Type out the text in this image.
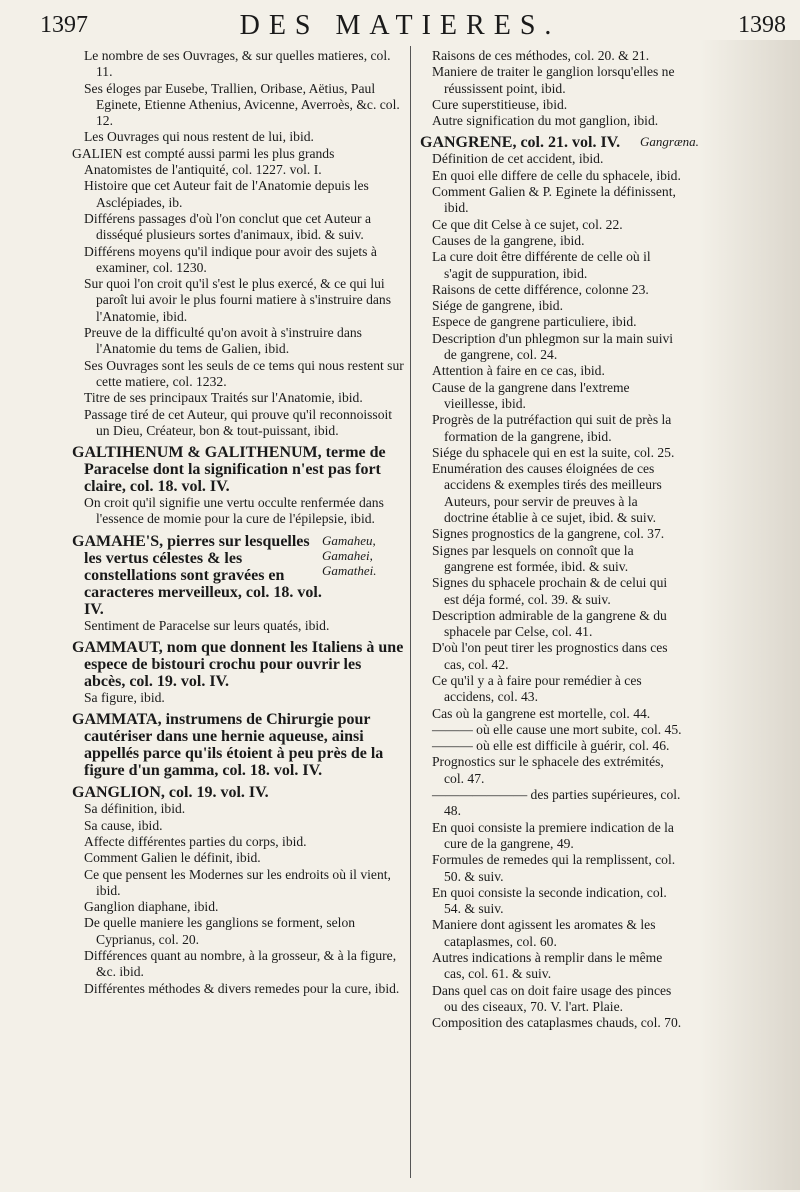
1397	DES MATIERES.	1398

Le nombre de ses Ouvrages, & sur quelles matieres, col. 11.

Ses éloges par Eusebe, Trallien, Oribase, Aëtius, Paul Eginete, Etienne Athenius, Avicenne, Averroès, &c. col. 12.

Les Ouvrages qui nous restent de lui, ibid.

GALIEN est compté aussi parmi les plus grands Anatomistes de l'antiquité, col. 1227. vol. I.

Histoire que cet Auteur fait de l'Anatomie depuis les Asclépiades, ib.

Différens passages d'où l'on conclut que cet Auteur a disséqué plusieurs sortes d'animaux, ibid. & suiv.

Différens moyens qu'il indique pour avoir des sujets à examiner, col. 1230.

Sur quoi l'on croit qu'il s'est le plus exercé, & ce qui lui paroît lui avoir le plus fourni matiere à s'instruire dans l'Anatomie, ibid.

Preuve de la difficulté qu'on avoit à s'instruire dans l'Anatomie du tems de Galien, ibid.

Ses Ouvrages sont les seuls de ce tems qui nous restent sur cette matiere, col. 1232.

Titre de ses principaux Traités sur l'Anatomie, ibid.

Passage tiré de cet Auteur, qui prouve qu'il reconnoissoit un Dieu, Créateur, bon & tout-puissant, ibid.

GALTIHENUM & GALITHENUM, terme de Paracelse dont la signification n'est pas fort claire, col. 18. vol. IV.

On croit qu'il signifie une vertu occulte renfermée dans l'essence de momie pour la cure de l'épilepsie, ibid.

GAMAHE'S, pierres sur lesquelles les vertus célestes & les constellations sont gravées en caracteres merveilleux, col. 18. vol. IV.

Gamaheu, Gamahei, Gamathei.

Sentiment de Paracelse sur leurs quatés, ibid.

GAMMAUT, nom que donnent les Italiens à une espece de bistouri crochu pour ouvrir les abcès, col. 19. vol. IV.

Sa figure, ibid.

GAMMATA, instrumens de Chirurgie pour cautériser dans une hernie aqueuse, ainsi appellés parce qu'ils étoient à peu près de la figure d'un gamma, col. 18. vol. IV.

GANGLION, col. 19. vol. IV.

Sa définition, ibid.

Sa cause, ibid.

Affecte différentes parties du corps, ibid.

Comment Galien le définit, ibid.

Ce que pensent les Modernes sur les endroits où il vient, ibid.

Ganglion diaphane, ibid.

De quelle maniere les ganglions se forment, selon Cyprianus, col. 20.

Différences quant au nombre, à la grosseur, & à la figure, &c. ibid.

Différentes méthodes & divers remedes pour la cure, ibid.

Raisons de ces méthodes, col. 20. & 21.

Maniere de traiter le ganglion lorsqu'elles ne réussissent point, ibid.

Cure superstitieuse, ibid.

Autre signification du mot ganglion, ibid.

GANGRENE, col. 21. vol. IV.	Gangræna.

Définition de cet accident, ibid.

En quoi elle differe de celle du sphacele, ibid.

Comment Galien & P. Eginete la définissent, ibid.

Ce que dit Celse à ce sujet, col. 22.

Causes de la gangrene, ibid.

La cure doit être différente de celle où il s'agit de suppuration, ibid.

Raisons de cette différence, colonne 23.

Siége de gangrene, ibid.

Espece de gangrene particuliere, ibid.

Description d'un phlegmon sur la main suivi de gangrene, col. 24.

Attention à faire en ce cas, ibid.

Cause de la gangrene dans l'extreme vieillesse, ibid.

Progrès de la putréfaction qui suit de près la formation de la gangrene, ibid.

Siége du sphacele qui en est la suite, col. 25.

Enumération des causes éloignées de ces accidens & exemples tirés des meilleurs Auteurs, pour servir de preuves à la doctrine établie à ce sujet, ibid. & suiv.

Signes prognostics de la gangrene, col. 37.

Signes par lesquels on connoît que la gangrene est formée, ibid. & suiv.

Signes du sphacele prochain & de celui qui est déja formé, col. 39. & suiv.

Description admirable de la gangrene & du sphacele par Celse, col. 41.

D'où l'on peut tirer les prognostics dans ces cas, col. 42.

Ce qu'il y a à faire pour remédier à ces accidens, col. 43.

Cas où la gangrene est mortelle, col. 44.

——— où elle cause une mort subite, col. 45.

——— où elle est difficile à guérir, col. 46.

Prognostics sur le sphacele des extrémités, col. 47.

——————— des parties supérieures, col. 48.

En quoi consiste la premiere indication de la cure de la gangrene, 49.

Formules de remedes qui la remplissent, col. 50. & suiv.

En quoi consiste la seconde indication, col. 54. & suiv.

Maniere dont agissent les aromates & les cataplasmes, col. 60.

Autres indications à remplir dans le même cas, col. 61. & suiv.

Dans quel cas on doit faire usage des pinces ou des ciseaux, 70. V. l'art. Plaie.

Composition des cataplasmes chauds, col. 70.
